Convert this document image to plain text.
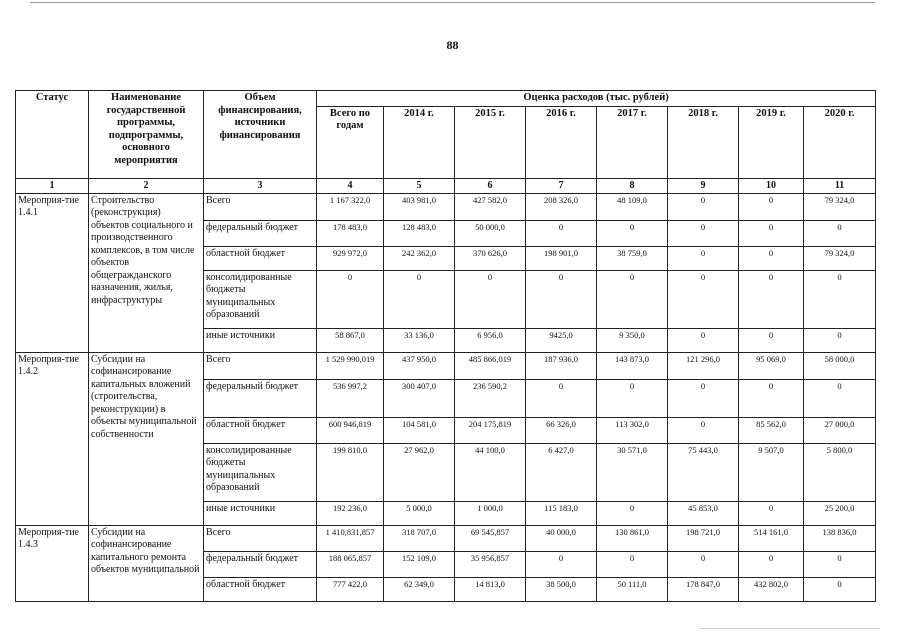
88
Статус	Наименование государственной программы, подпрограммы, основного мероприятия	Объем финансирования, источники финансирования	Оценка расходов (тыс. рублей)							
			Всего по годам	2014 г.	2015 г.	2016 г.	2017 г.	2018 г.	2019 г.	2020 г.
1	2	3	4	5	6	7	8	9	10	11
Мероприя-тие 1.4.1	Строительство (реконструкция) объектов социального и производственного комплексов, в том числе объектов общегражданского назначения, жилья, инфраструктуры	Всего	1 167 322,0	403 981,0	427 582,0	208 326,0	48 109,0	0	0	79 324,0
		федеральный бюджет	178 483,0	128 483,0	50 000,0	0	0	0	0	0
		областной бюджет	929 972,0	242 362,0	370 626,0	198 901,0	38 759,0	0	0	79 324,0
		консолидированные бюджеты муниципальных образований	0	0	0	0	0	0	0	0
		иные источники	58 867,0	33 136,0	6 956,0	9425,0	9 350,0	0	0	0
Мероприя-тие 1.4.2	Субсидии на софинансирование капитальных вложений (строительства, реконструкции) в объекты муниципальной собственности	Всего	1 529 990,019	437 950,0	485 866,019	187 936,0	143 873,0	121 296,0	95 069,0	58 000,0
		федеральный бюджет	536 997,2	300 407,0	236 590,2	0	0	0	0	0
		областной бюджет	600 946,819	104 581,0	204 175,819	66 326,0	113 302,0	0	85 562,0	27 000,0
		консолидированные бюджеты муниципальных образований	199 810,0	27 962,0	44 100,0	6 427,0	30 571,0	75 443,0	9 507,0	5 800,0
		иные источники	192 236,0	5 000,0	1 000,0	115 183,0	0	45 853,0	0	25 200,0
Мероприя-тие 1.4.3	Субсидии на софинансирование капитального ремонта объектов муниципальной	Всего	1 410,831,857	318 707,0	69 545,857	40 000,0	130 861,0	198 721,0	514 161,0	138 836,0
		федеральный бюджет	188 065,857	152 109,0	35 956,857	0	0	0	0	0
		областной бюджет	777 422,0	62 349,0	14 813,0	38 500,0	50 111,0	178 847,0	432 802,0	0
